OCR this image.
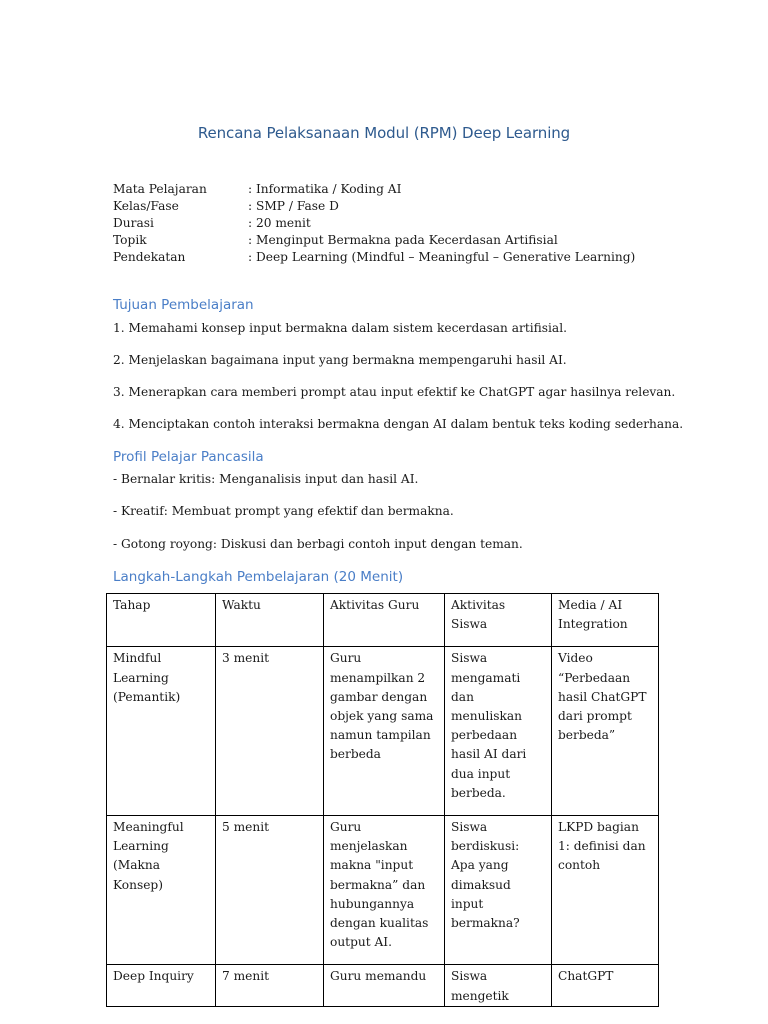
Rencana Pelaksanaan Modul (RPM) Deep Learning
Mata Pelajaran	: Informatika / Koding AI
Kelas/Fase	: SMP / Fase D
Durasi	: 20 menit
Topik	: Menginput Bermakna pada Kecerdasan Artifisial
Pendekatan	: Deep Learning (Mindful – Meaningful – Generative Learning)
Tujuan Pembelajaran
1. Memahami konsep input bermakna dalam sistem kecerdasan artifisial.
2. Menjelaskan bagaimana input yang bermakna mempengaruhi hasil AI.
3. Menerapkan cara memberi prompt atau input efektif ke ChatGPT agar hasilnya relevan.
4. Menciptakan contoh interaksi bermakna dengan AI dalam bentuk teks koding sederhana.
Profil Pelajar Pancasila
- Bernalar kritis: Menganalisis input dan hasil AI.
- Kreatif: Membuat prompt yang efektif dan bermakna.
- Gotong royong: Diskusi dan berbagi contoh input dengan teman.
Langkah-Langkah Pembelajaran (20 Menit)
Tahap	Waktu	Aktivitas Guru	Aktivitas Siswa	Media / AI Integration
Mindful Learning (Pemantik)	3 menit	Guru menampilkan 2 gambar dengan objek yang sama namun tampilan berbeda	Siswa mengamati dan menuliskan perbedaan hasil AI dari dua input berbeda.	Video “Perbedaan hasil ChatGPT dari prompt berbeda”
Meaningful Learning (Makna Konsep)	5 menit	Guru menjelaskan makna "input bermakna” dan hubungannya dengan kualitas output AI.	Siswa berdiskusi: Apa yang dimaksud input bermakna?	LKPD bagian 1: definisi dan contoh
Deep Inquiry	7 menit	Guru memandu	Siswa mengetik	ChatGPT
